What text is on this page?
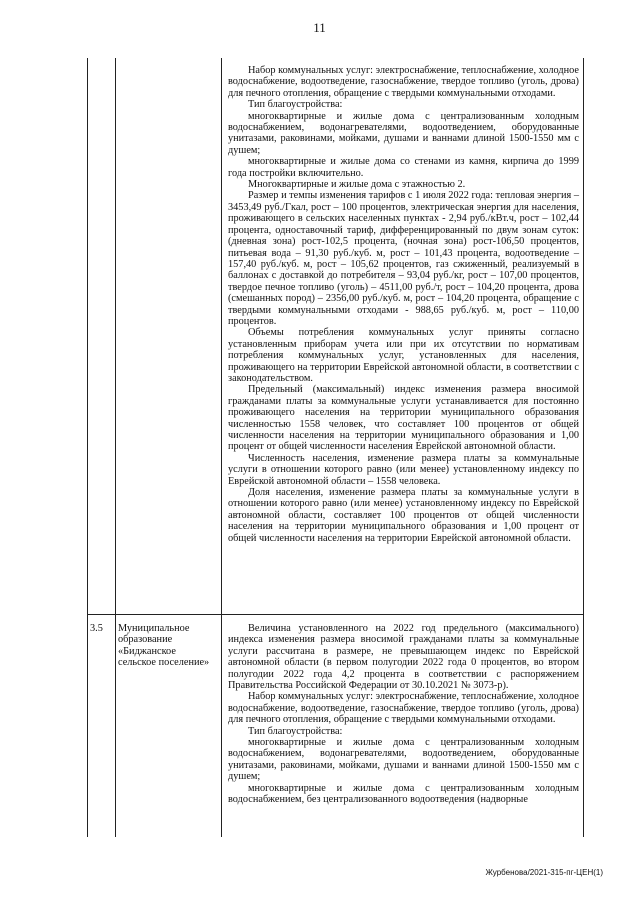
11

Набор коммунальных услуг: электроснабжение, теплоснабжение, холодное водоснабжение, водоотведение, газоснабжение, твердое топливо (уголь, дрова) для печного отопления, обращение с твердыми коммунальными отходами.

Тип благоустройства:

многоквартирные и жилые дома с централизованным холодным водоснабжением, водонагревателями, водоотведением, оборудованные унитазами, раковинами, мойками, душами и ваннами длиной 1500-1550 мм с душем;

многоквартирные и жилые дома со стенами из камня, кирпича до 1999 года постройки включительно.

Многоквартирные и жилые дома с этажностью 2.

Размер и темпы изменения тарифов с 1 июля 2022 года: тепловая энергия – 3453,49 руб./Гкал, рост – 100 процентов, электрическая энергия для населения, проживающего в сельских населенных пунктах - 2,94 руб./кВт.ч, рост – 102,44 процента, одноставочный тариф, дифференцированный по двум зонам суток: (дневная зона) рост-102,5 процента, (ночная зона) рост-106,50 процентов, питьевая вода – 91,30 руб./куб. м, рост – 101,43 процента, водоотведение – 157,40 руб./куб. м, рост – 105,62 процентов, газ сжиженный, реализуемый в баллонах с доставкой до потребителя – 93,04 руб./кг, рост – 107,00 процентов, твердое печное топливо (уголь) – 4511,00 руб./т, рост – 104,20 процента, дрова (смешанных пород) – 2356,00 руб./куб. м, рост – 104,20 процента, обращение с твердыми коммунальными отходами - 988,65 руб./куб. м, рост – 110,00 процентов.

Объемы потребления коммунальных услуг приняты согласно установленным приборам учета или при их отсутствии по нормативам потребления коммунальных услуг, установленных для населения, проживающего на территории Еврейской автономной области, в соответствии с законодательством.

Предельный (максимальный) индекс изменения размера вносимой гражданами платы за коммунальные услуги устанавливается для постоянно проживающего населения на территории муниципального образования численностью 1558 человек, что составляет 100 процентов от общей численности населения на территории муниципального образования и 1,00 процент от общей численности населения Еврейской автономной области.

Численность населения, изменение размера платы за коммунальные услуги в отношении которого равно (или менее) установленному индексу по Еврейской автономной области – 1558 человека.

Доля населения, изменение размера платы за коммунальные услуги в отношении которого равно (или менее) установленному индексу по Еврейской автономной области, составляет 100 процентов от общей численности населения на территории муниципального образования и 1,00 процент от общей численности населения на территории Еврейской автономной области.

3.5	Муниципальное
образование
«Биджанское
сельское поселение»

Величина установленного на 2022 год предельного (максимального) индекса изменения размера вносимой гражданами платы за коммунальные услуги рассчитана в размере, не превышающем индекс по Еврейской автономной области (в первом полугодии 2022 года 0 процентов, во втором полугодии 2022 года 4,2 процента в соответствии с распоряжением Правительства Российской Федерации от 30.10.2021 № 3073-р).

Набор коммунальных услуг: электроснабжение, теплоснабжение, холодное водоснабжение, водоотведение, газоснабжение, твердое топливо (уголь, дрова) для печного отопления, обращение с твердыми коммунальными отходами.

Тип благоустройства:

многоквартирные и жилые дома с централизованным холодным водоснабжением, водонагревателями, водоотведением, оборудованные унитазами, раковинами, мойками, душами и ваннами длиной 1500-1550 мм с душем;

многоквартирные и жилые дома с централизованным холодным водоснабжением, без централизованного водоотведения (надворные

Журбенова/2021-315-пг-ЦЕН(1)
